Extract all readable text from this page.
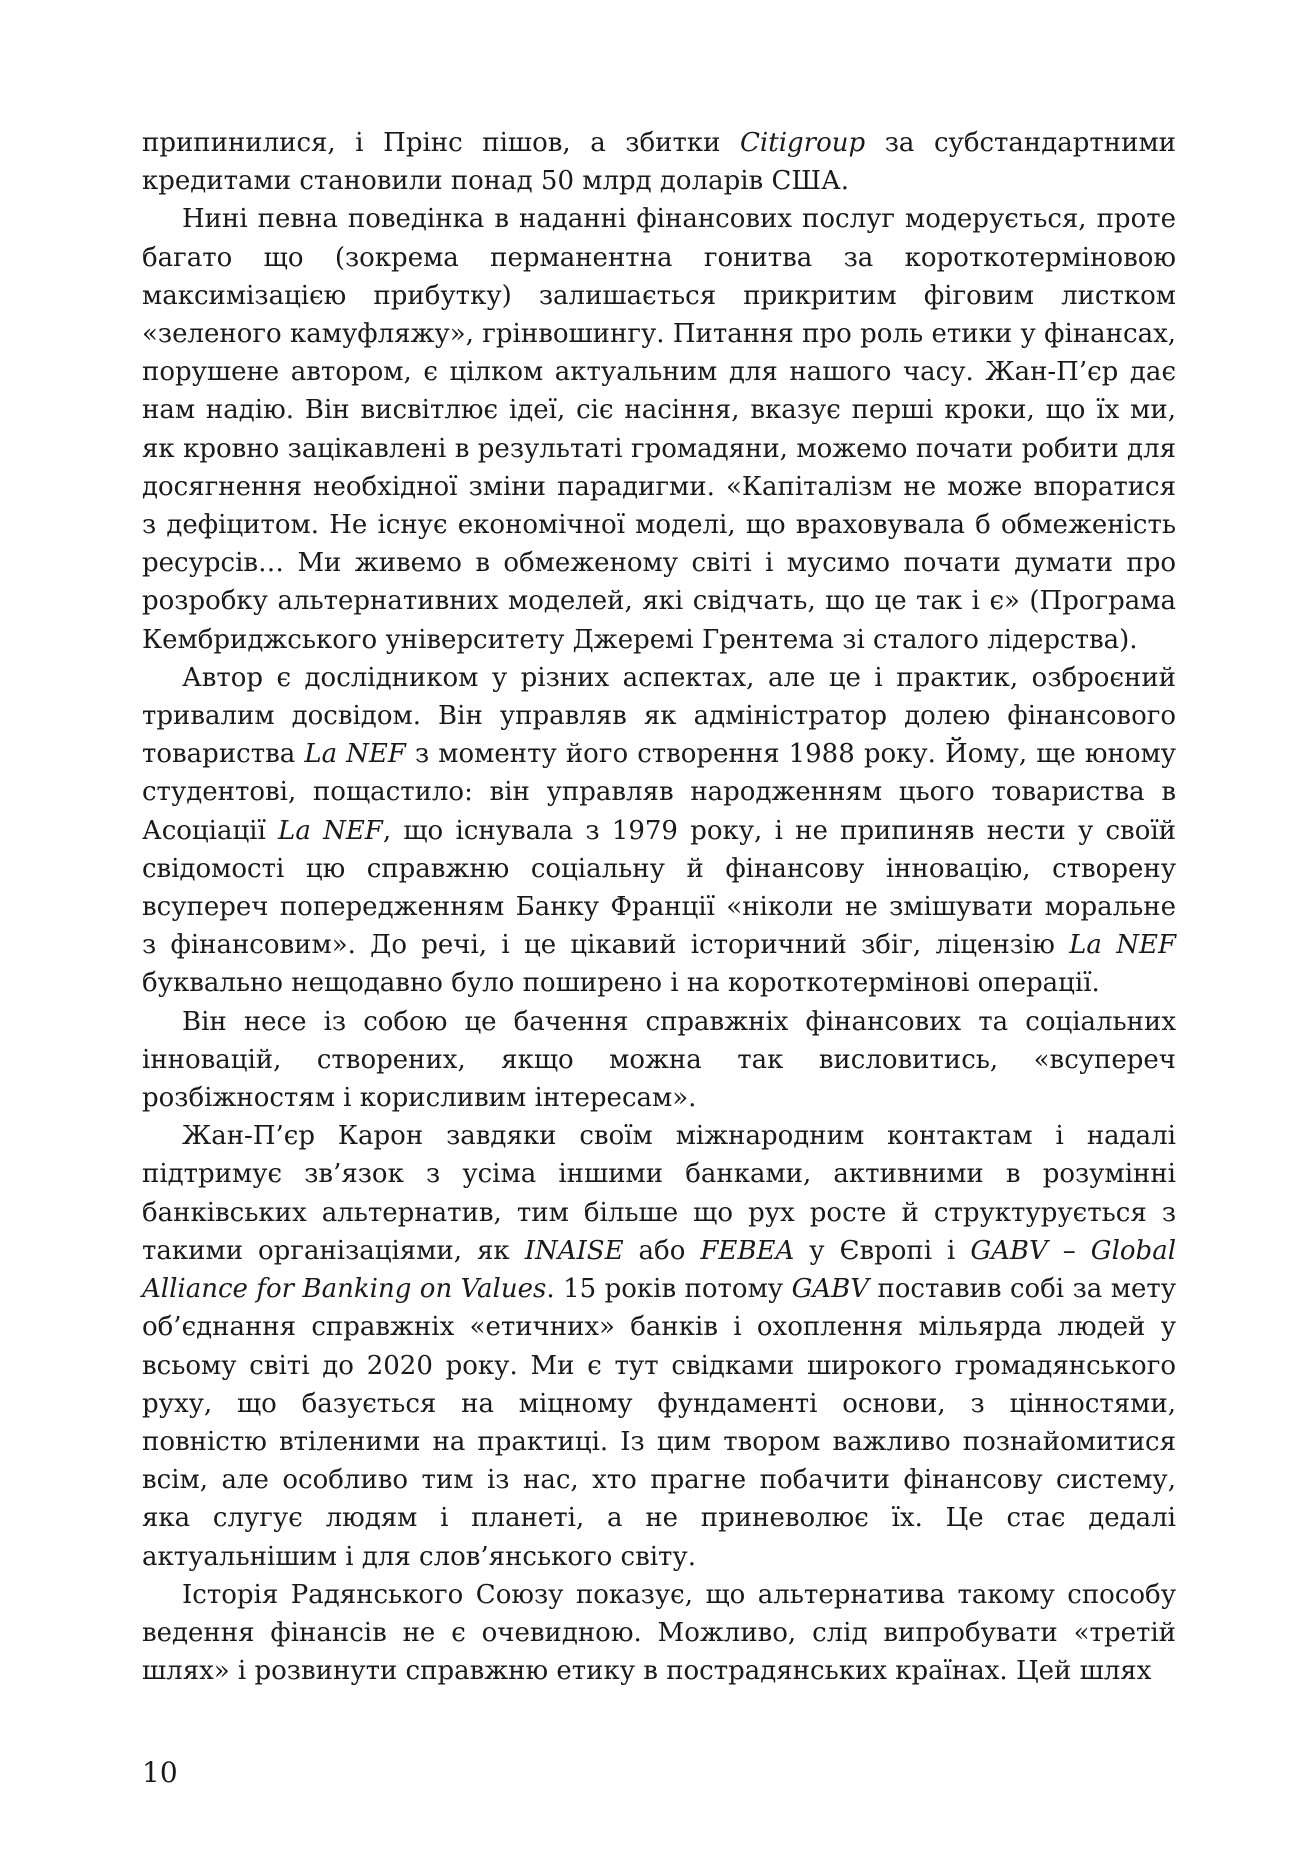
припинилися, і Прінс пішов, а збитки Citigroup за субстандартними кредитами становили понад 50 млрд доларів США.

Нині певна поведінка в наданні фінансових послуг модерується, проте багато що (зокрема перманентна гонитва за короткотерміновою максимізацією прибутку) залишається прикритим фіговим листком «зеленого камуфляжу», грінвошингу. Питання про роль етики у фінансах, порушене автором, є цілком актуальним для нашого часу. Жан-П’єр дає нам надію. Він висвітлює ідеї, сіє насіння, вказує перші кроки, що їх ми, як кровно зацікавлені в результаті громадяни, можемо почати робити для досягнення необхідної зміни парадигми. «Капіталізм не може впоратися з дефіцитом. Не існує економічної моделі, що враховувала б обмеженість ресурсів… Ми живемо в обмеженому світі і мусимо почати думати про розробку альтернативних моделей, які свідчать, що це так і є» (Програма Кембриджського університету Джеремі Грентема зі сталого лідерства).

Автор є дослідником у різних аспектах, але це і практик, озброєний тривалим досвідом. Він управляв як адміністратор долею фінансового товариства La NEF з моменту його створення 1988 року. Йому, ще юному студентові, пощастило: він управляв народженням цього товариства в Асоціації La NEF, що існувала з 1979 року, і не припиняв нести у своїй свідомості цю справжню соціальну й фінансову інновацію, створену всупереч попередженням Банку Франції «ніколи не змішувати моральне з фінансовим». До речі, і це цікавий історичний збіг, ліцензію La NEF буквально нещодавно було поширено і на короткотермінові операції.

Він несе із собою це бачення справжніх фінансових та соціальних інновацій, створених, якщо можна так висловитись, «всупереч розбіжностям і корисливим інтересам».

Жан-П’єр Карон завдяки своїм міжнародним контактам і надалі підтримує зв’язок з усіма іншими банками, активними в розумінні банківських альтернатив, тим більше що рух росте й структурується з такими організаціями, як INAISE або FEBEA у Європі і GABV – Global Alliance for Banking on Values. 15 років потому GABV поставив собі за мету об’єднання справжніх «етичних» банків і охоплення мільярда людей у всьому світі до 2020 року. Ми є тут свідками широкого громадянського руху, що базується на міцному фундаменті основи, з цінностями, повністю втіленими на практиці. Із цим твором важливо познайомитися всім, але особливо тим із нас, хто прагне побачити фінансову систему, яка слугує людям і планеті, а не приневолює їх. Це стає дедалі актуальнішим і для слов’янського світу.

Історія Радянського Союзу показує, що альтернатива такому способу ведення фінансів не є очевидною. Можливо, слід випробувати «третій шлях» і розвинути справжню етику в пострадянських країнах. Цей шлях

10
